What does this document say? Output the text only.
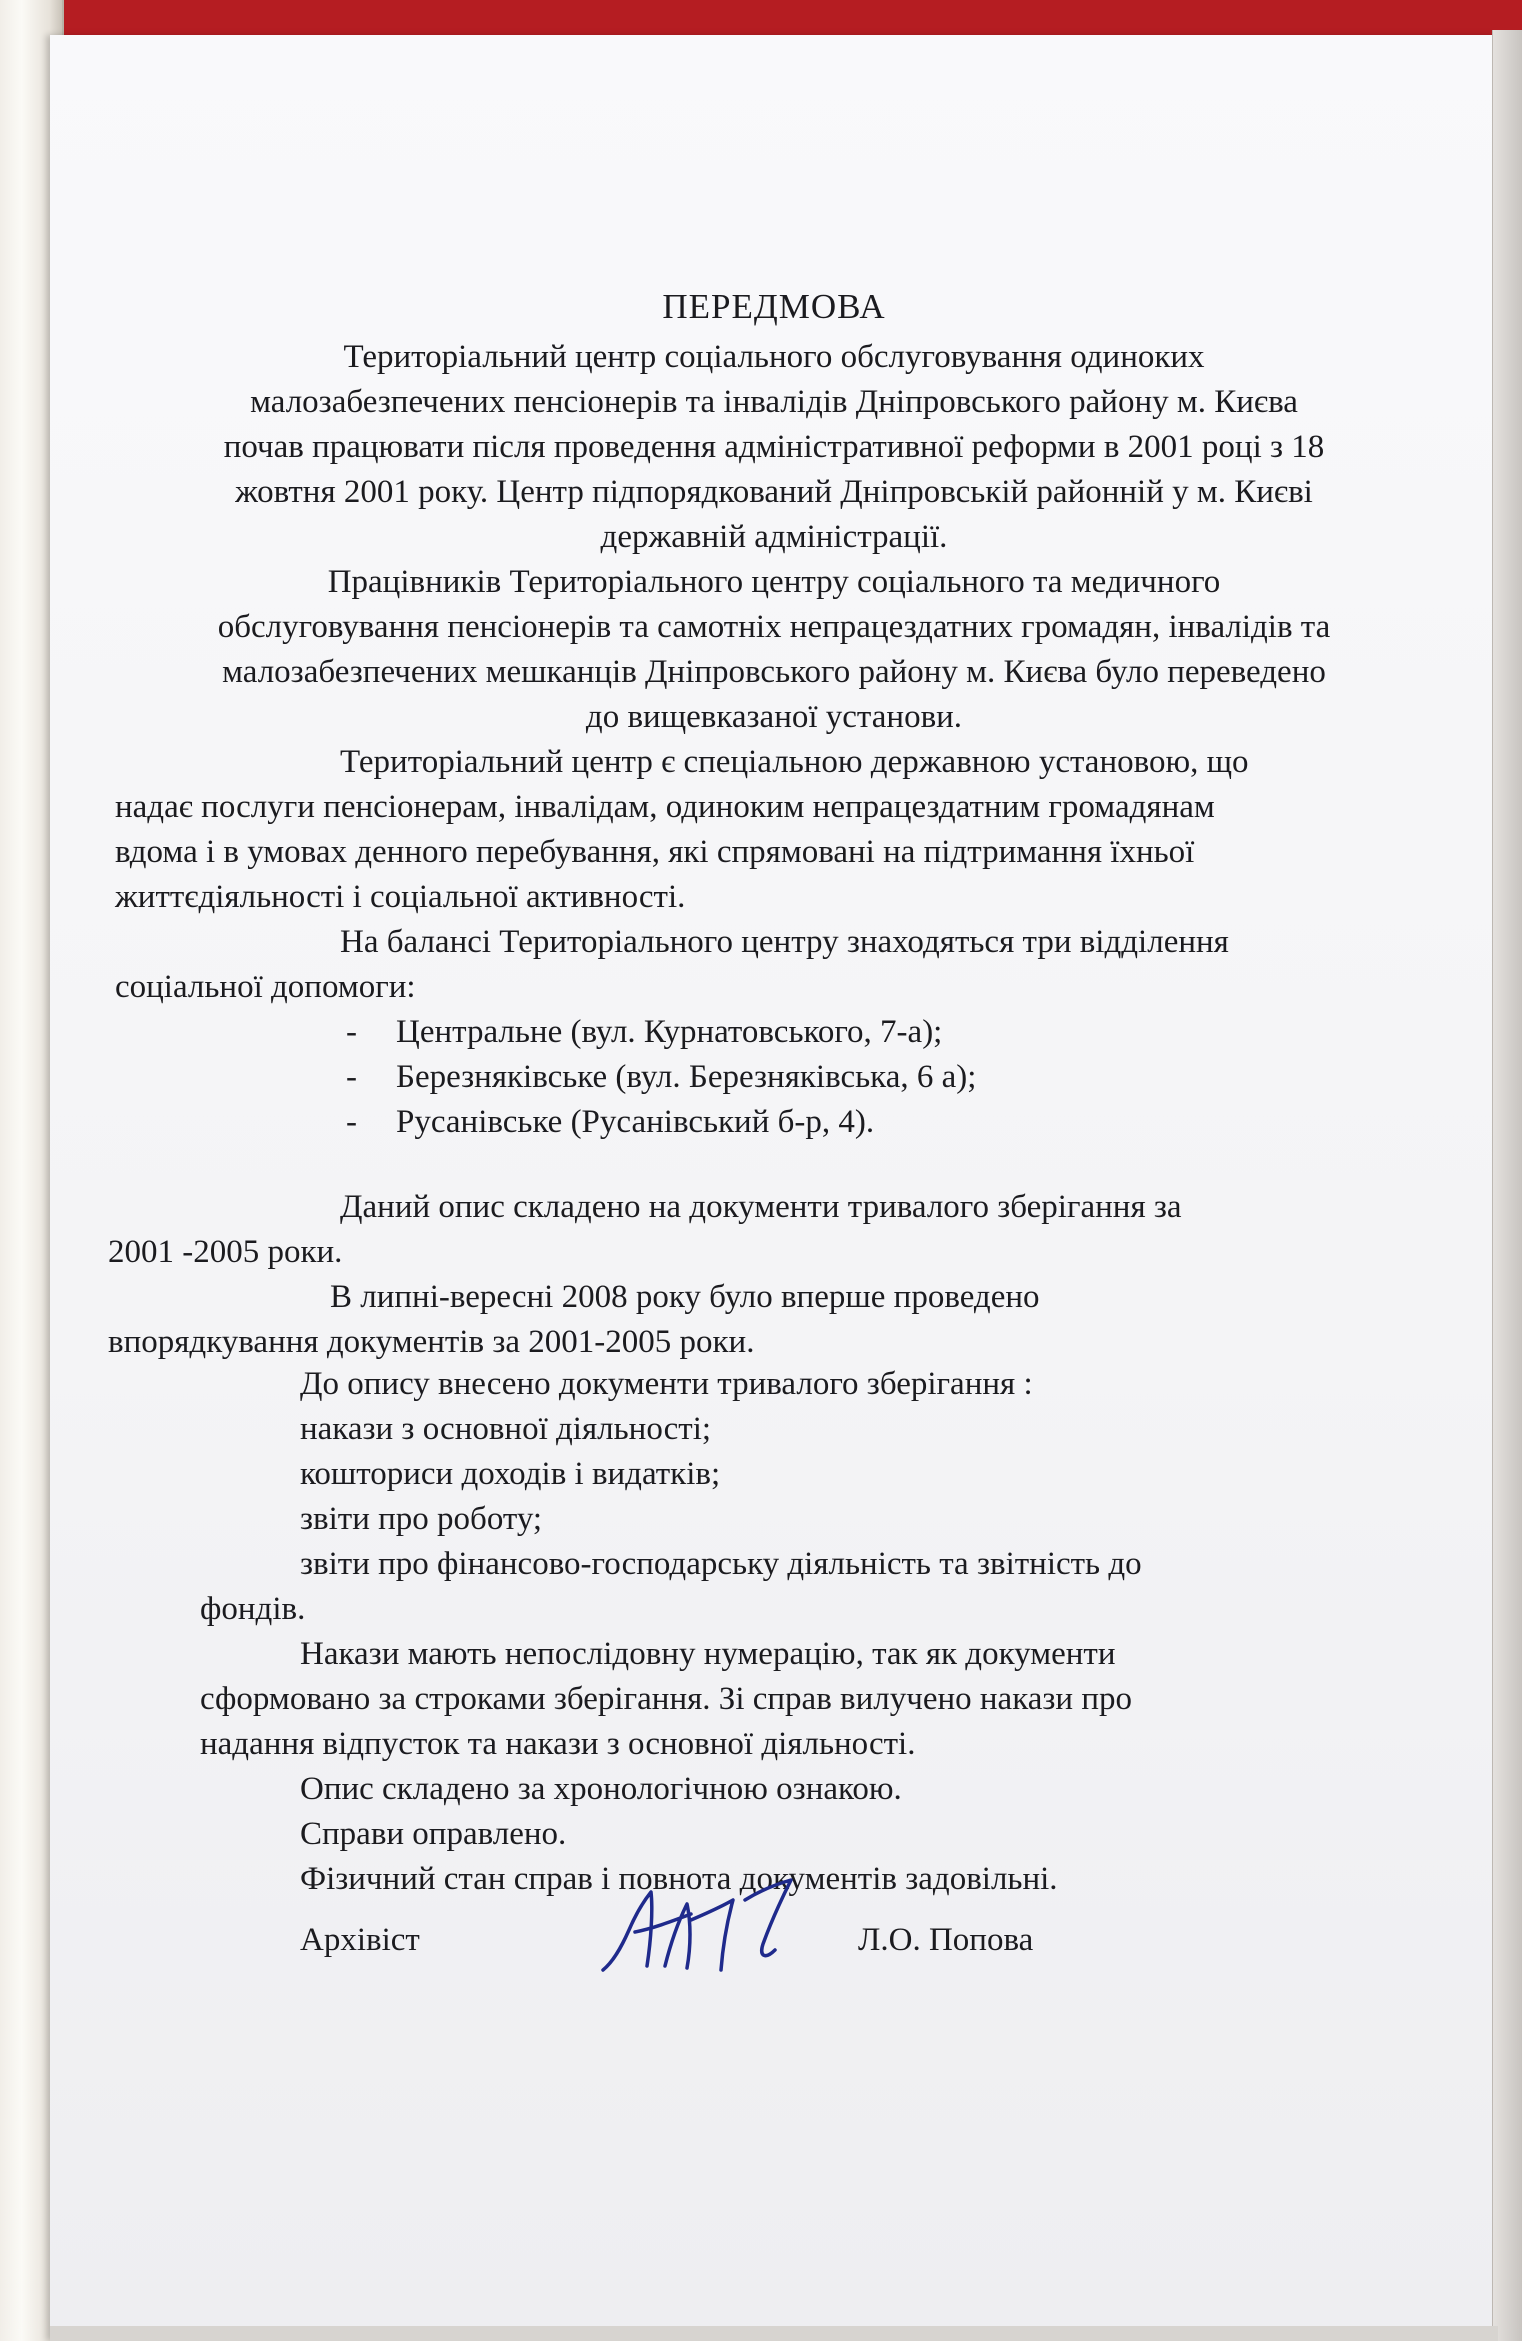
ПЕРЕДМОВА
Територіальний центр соціального обслуговування одиноких
малозабезпечених пенсіонерів та інвалідів Дніпровського району м. Києва
почав працювати після проведення адміністративної реформи в 2001 році з 18
жовтня 2001 року. Центр підпорядкований Дніпровській районній у м. Києві
державній адміністрації.
Працівників Територіального центру соціального та медичного
обслуговування пенсіонерів та самотніх непрацездатних громадян, інвалідів та
малозабезпечених мешканців Дніпровського району м. Києва було переведено
до вищевказаної установи.
Територіальний центр є спеціальною державною установою, що
надає послуги пенсіонерам, інвалідам, одиноким непрацездатним громадянам
вдома і в умовах денного перебування, які спрямовані на підтримання їхньої
життєдіяльності і соціальної активності.
На балансі Територіального центру знаходяться три відділення
соціальної допомоги:
- Центральне (вул. Курнатовського, 7-а);
- Березняківське (вул. Березняківська, 6 а);
- Русанівське (Русанівський б-р, 4).
Даний опис складено на документи тривалого зберігання за
2001 -2005 роки.
В липні-вересні 2008 року було вперше проведено
впорядкування документів за 2001-2005 роки.
До опису внесено документи тривалого зберігання :
накази з основної діяльності;
кошториси доходів і видатків;
звіти про роботу;
звіти про фінансово-господарську діяльність та звітність до
фондів.
Накази мають непослідовну нумерацію, так як документи
сформовано за строками зберігання. Зі справ вилучено накази про
надання відпусток та накази з основної діяльності.
Опис складено за хронологічною ознакою.
Справи оправлено.
Фізичний стан справ і повнота документів задовільні.
Архівіст	Л.О. Попова
